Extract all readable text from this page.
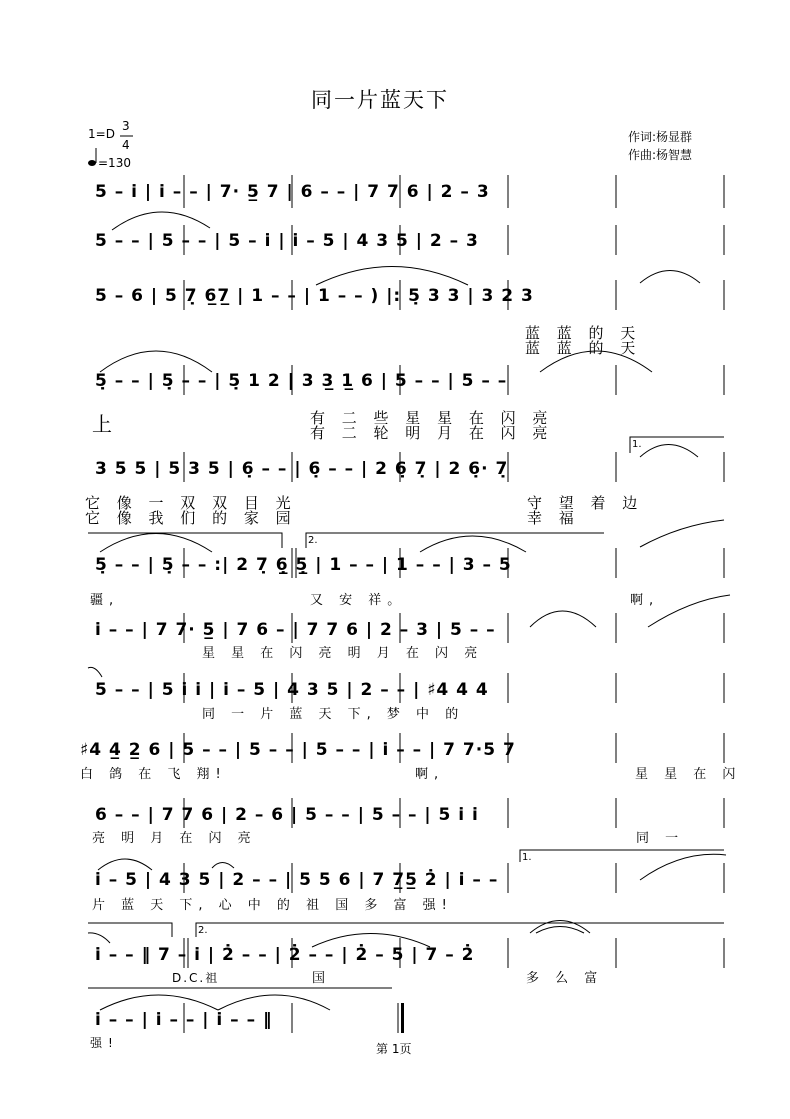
同一片蓝天下
1=D
3
4
=130
作词:杨显群
作曲:杨智慧
5 – i̇ | i̇ – – | 7· 5̲ 7 | 6 – – | 7 7 6 | 2 – 3
5 – – | 5 – – | 5 – i̇ | i̇ – 5 | 4 3 5 | 2 – 3
5 – 6 | 5 7̣ 6̲7̲ | 1 – – | 1 – – ) |: 5̣ 3 3 | 3 2 3
蓝 蓝 的 天
蓝 蓝 的 天
5̣ – – | 5̣ – – | 5̣ 1 2 | 3 3̲ 1̲ 6 | 5 – – | 5 – –
上	有 二 些 星 星 在 闪 亮
有 二 轮 明 月 在 闪 亮
3 5 5 | 5 3 5 | 6̣ – – | 6̣ – – | 2 6̣ 7̣ | 2 6̣· 7̣
1.
它 像 一 双 双 目 光
它 像 我 们 的 家 园
守 望 着 边
幸 福
5̣ – – | 5̣ – – :| 2 7̣ 6̲̣ 5̲̣ | 1 – – | 1 – – | 3 – 5
2.
疆,	又 安 祥。	啊,
i̇ – – | 7 7· 5̲ | 7 6 – | 7 7 6 | 2 – 3 | 5 – –
星 星 在 闪 亮 明 月 在 闪 亮
5 – – | 5 i̇ i̇ | i̇ – 5 | 4 3 5 | 2 – – | ♯4 4 4
同 一 片 蓝 天 下, 梦 中 的
♯4 4̲ 2̲ 6 | 5 – – | 5 – – | 5 – – | i̇ – – | 7 7·5 7
白 鸽 在 飞 翔!	啊,	星 星 在 闪
6 – – | 7 7 6 | 2 – 6 | 5 – – | 5 – – | 5 i̇ i̇
亮 明 月 在 闪 亮	同 一
i̇ – 5 | 4 3 5 | 2 – – | 5 5 6 | 7 7̲5̲ 2̇ | i̇ – –
1.
片 蓝 天 下, 心 中 的 祖 国 多 富 强!
i̇ – – ‖ 7 – i̇ | 2̇ – – | 2̇ – – | 2̇ – 5 | 7 – 2̇
2.
D.C.祖	国	多 么 富
i̇ – – | i̇ – – | i̇ – – ‖
强!	第 1页
